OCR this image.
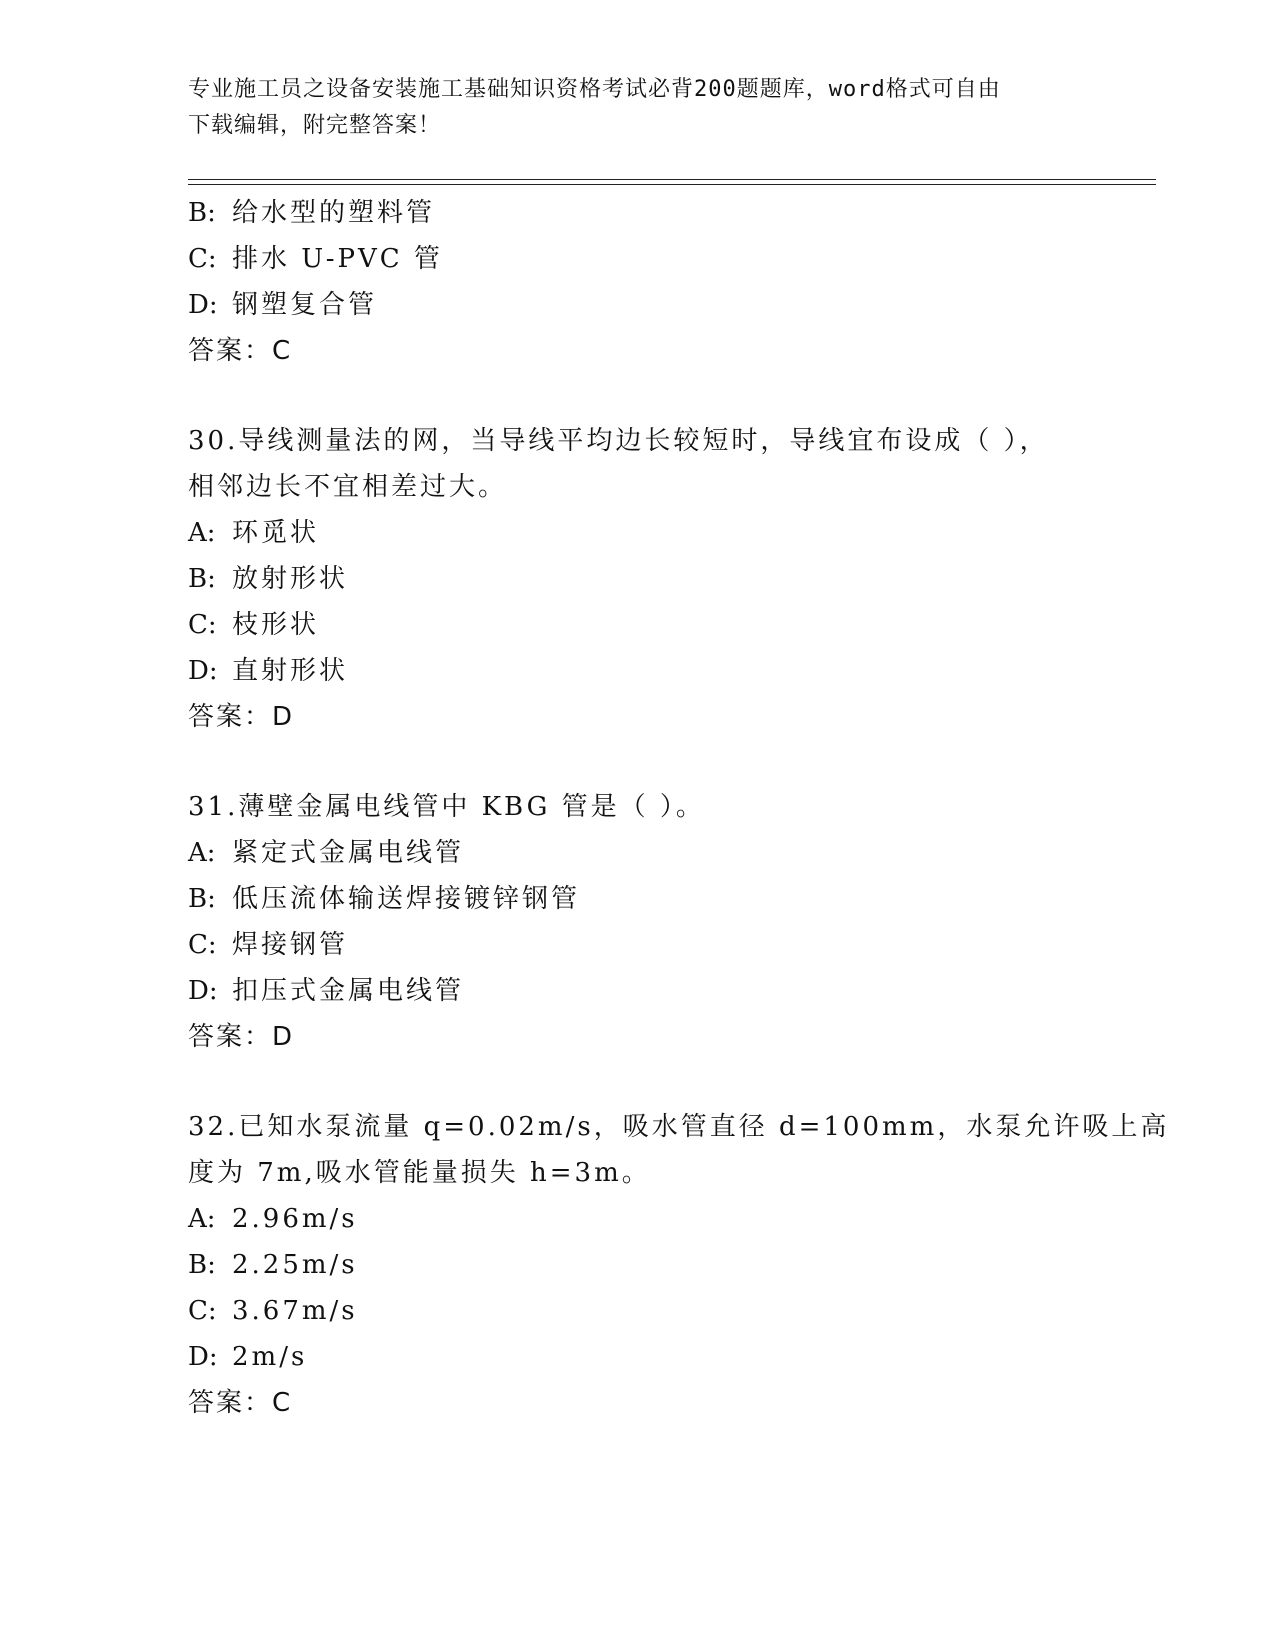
专业施工员之设备安装施工基础知识资格考试必背200题题库，word格式可自由
下载编辑，附完整答案！
B: 给水型的塑料管
C: 排水 U-PVC 管
D: 钢塑复合管
答案：C
30.导线测量法的网，当导线平均边长较短时，导线宜布设成（ ），
相邻边长不宜相差过大。
A: 环觅状
B: 放射形状
C: 枝形状
D: 直射形状
答案：D
31.薄壁金属电线管中 KBG 管是（ ）。
A: 紧定式金属电线管
B: 低压流体输送焊接镀锌钢管
C: 焊接钢管
D: 扣压式金属电线管
答案：D
32.已知水泵流量 q=0.02m/s，吸水管直径 d=100mm，水泵允许吸上高
度为 7m,吸水管能量损失 h=3m。
A: 2.96m/s
B: 2.25m/s
C: 3.67m/s
D: 2m/s
答案：C
